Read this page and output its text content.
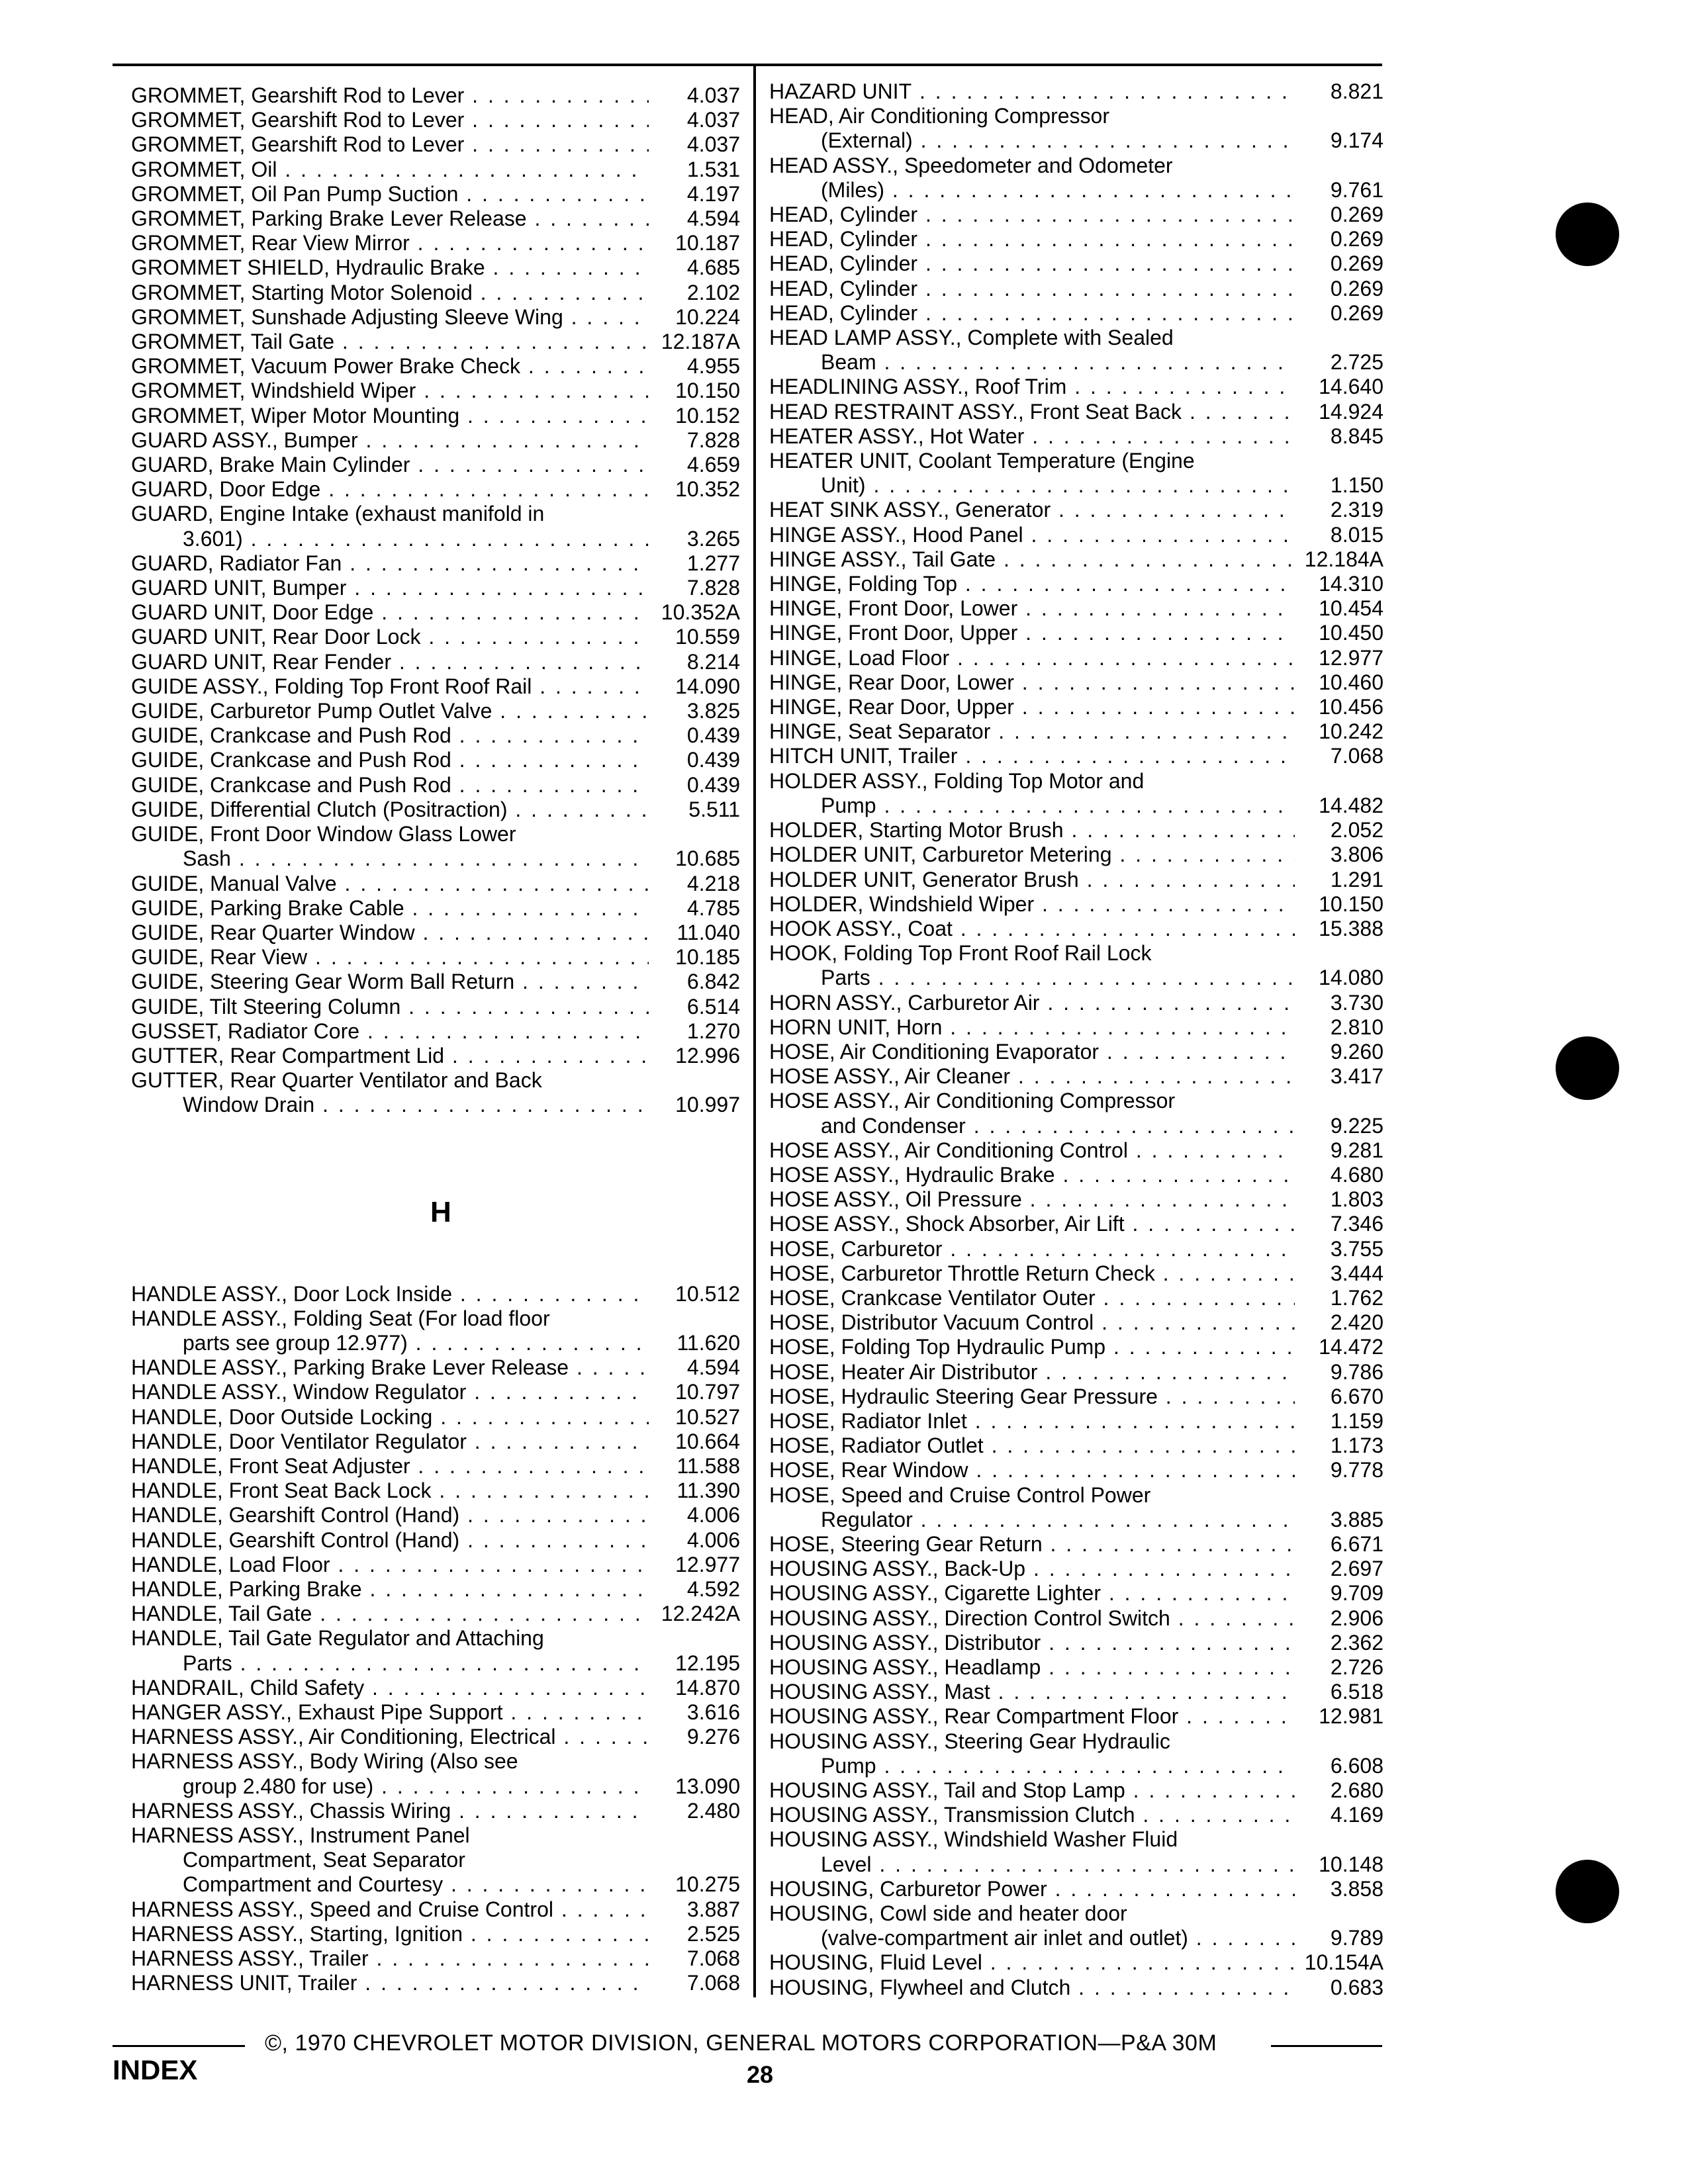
GROMMET, Gearshift Rod to Lever . . .	4.037
GROMMET, Gearshift Rod to Lever . . .	4.037
GROMMET, Gearshift Rod to Lever . . .	4.037
GROMMET, Oil . . .	1.531
GROMMET, Oil Pan Pump Suction . . .	4.197
GROMMET, Parking Brake Lever Release . . .	4.594
GROMMET, Rear View Mirror . . .	10.187
GROMMET SHIELD, Hydraulic Brake . . .	4.685
GROMMET, Starting Motor Solenoid . . .	2.102
GROMMET, Sunshade Adjusting Sleeve Wing . . .	10.224
GROMMET, Tail Gate . . .	12.187A
GROMMET, Vacuum Power Brake Check . . .	4.955
GROMMET, Windshield Wiper . . .	10.150
GROMMET, Wiper Motor Mounting . . .	10.152
GUARD ASSY., Bumper . . .	7.828
GUARD, Brake Main Cylinder . . .	4.659
GUARD, Door Edge . . .	10.352
GUARD, Engine Intake (exhaust manifold in
3.601) . . .	3.265
GUARD, Radiator Fan . . .	1.277
GUARD UNIT, Bumper . . .	7.828
GUARD UNIT, Door Edge . . .	10.352A
GUARD UNIT, Rear Door Lock . . .	10.559
GUARD UNIT, Rear Fender . . .	8.214
GUIDE ASSY., Folding Top Front Roof Rail . . .	14.090
GUIDE, Carburetor Pump Outlet Valve . . .	3.825
GUIDE, Crankcase and Push Rod . . .	0.439
GUIDE, Crankcase and Push Rod . . .	0.439
GUIDE, Crankcase and Push Rod . . .	0.439
GUIDE, Differential Clutch (Positraction) . . .	5.511
GUIDE, Front Door Window Glass Lower
Sash . . .	10.685
GUIDE, Manual Valve . . .	4.218
GUIDE, Parking Brake Cable . . .	4.785
GUIDE, Rear Quarter Window . . .	11.040
GUIDE, Rear View . . .	10.185
GUIDE, Steering Gear Worm Ball Return . . .	6.842
GUIDE, Tilt Steering Column . . .	6.514
GUSSET, Radiator Core . . .	1.270
GUTTER, Rear Compartment Lid . . .	12.996
GUTTER, Rear Quarter Ventilator and Back
Window Drain . . .	10.997
H
HANDLE ASSY., Door Lock Inside . . .	10.512
HANDLE ASSY., Folding Seat (For load floor
parts see group 12.977) . . .	11.620
HANDLE ASSY., Parking Brake Lever Release . . .	4.594
HANDLE ASSY., Window Regulator . . .	10.797
HANDLE, Door Outside Locking . . .	10.527
HANDLE, Door Ventilator Regulator . . .	10.664
HANDLE, Front Seat Adjuster . . .	11.588
HANDLE, Front Seat Back Lock . . .	11.390
HANDLE, Gearshift Control (Hand) . . .	4.006
HANDLE, Gearshift Control (Hand) . . .	4.006
HANDLE, Load Floor . . .	12.977
HANDLE, Parking Brake . . .	4.592
HANDLE, Tail Gate . . .	12.242A
HANDLE, Tail Gate Regulator and Attaching
Parts . . .	12.195
HANDRAIL, Child Safety . . .	14.870
HANGER ASSY., Exhaust Pipe Support . . .	3.616
HARNESS ASSY., Air Conditioning, Electrical . . .	9.276
HARNESS ASSY., Body Wiring (Also see
group 2.480 for use) . . .	13.090
HARNESS ASSY., Chassis Wiring . . .	2.480
HARNESS ASSY., Instrument Panel
Compartment, Seat Separator
Compartment and Courtesy . . .	10.275
HARNESS ASSY., Speed and Cruise Control . . .	3.887
HARNESS ASSY., Starting, Ignition . . .	2.525
HARNESS ASSY., Trailer . . .	7.068
HARNESS UNIT, Trailer . . .	7.068
HAZARD UNIT . . .	8.821
HEAD, Air Conditioning Compressor
(External) . . .	9.174
HEAD ASSY., Speedometer and Odometer
(Miles) . . .	9.761
HEAD, Cylinder . . .	0.269
HEAD, Cylinder . . .	0.269
HEAD, Cylinder . . .	0.269
HEAD, Cylinder . . .	0.269
HEAD, Cylinder . . .	0.269
HEAD LAMP ASSY., Complete with Sealed
Beam . . .	2.725
HEADLINING ASSY., Roof Trim . . .	14.640
HEAD RESTRAINT ASSY., Front Seat Back . . .	14.924
HEATER ASSY., Hot Water . . .	8.845
HEATER UNIT, Coolant Temperature (Engine
Unit) . . .	1.150
HEAT SINK ASSY., Generator . . .	2.319
HINGE ASSY., Hood Panel . . .	8.015
HINGE ASSY., Tail Gate . . .	12.184A
HINGE, Folding Top . . .	14.310
HINGE, Front Door, Lower . . .	10.454
HINGE, Front Door, Upper . . .	10.450
HINGE, Load Floor . . .	12.977
HINGE, Rear Door, Lower . . .	10.460
HINGE, Rear Door, Upper . . .	10.456
HINGE, Seat Separator . . .	10.242
HITCH UNIT, Trailer . . .	7.068
HOLDER ASSY., Folding Top Motor and
Pump . . .	14.482
HOLDER, Starting Motor Brush . . .	2.052
HOLDER UNIT, Carburetor Metering . . .	3.806
HOLDER UNIT, Generator Brush . . .	1.291
HOLDER, Windshield Wiper . . .	10.150
HOOK ASSY., Coat . . .	15.388
HOOK, Folding Top Front Roof Rail Lock
Parts . . .	14.080
HORN ASSY., Carburetor Air . . .	3.730
HORN UNIT, Horn . . .	2.810
HOSE, Air Conditioning Evaporator . . .	9.260
HOSE ASSY., Air Cleaner . . .	3.417
HOSE ASSY., Air Conditioning Compressor
and Condenser . . .	9.225
HOSE ASSY., Air Conditioning Control . . .	9.281
HOSE ASSY., Hydraulic Brake . . .	4.680
HOSE ASSY., Oil Pressure . . .	1.803
HOSE ASSY., Shock Absorber, Air Lift . . .	7.346
HOSE, Carburetor . . .	3.755
HOSE, Carburetor Throttle Return Check . . .	3.444
HOSE, Crankcase Ventilator Outer . . .	1.762
HOSE, Distributor Vacuum Control . . .	2.420
HOSE, Folding Top Hydraulic Pump . . .	14.472
HOSE, Heater Air Distributor . . .	9.786
HOSE, Hydraulic Steering Gear Pressure . . .	6.670
HOSE, Radiator Inlet . . .	1.159
HOSE, Radiator Outlet . . .	1.173
HOSE, Rear Window . . .	9.778
HOSE, Speed and Cruise Control Power
Regulator . . .	3.885
HOSE, Steering Gear Return . . .	6.671
HOUSING ASSY., Back-Up . . .	2.697
HOUSING ASSY., Cigarette Lighter . . .	9.709
HOUSING ASSY., Direction Control Switch . . .	2.906
HOUSING ASSY., Distributor . . .	2.362
HOUSING ASSY., Headlamp . . .	2.726
HOUSING ASSY., Mast . . .	6.518
HOUSING ASSY., Rear Compartment Floor . . .	12.981
HOUSING ASSY., Steering Gear Hydraulic
Pump . . .	6.608
HOUSING ASSY., Tail and Stop Lamp . . .	2.680
HOUSING ASSY., Transmission Clutch . . .	4.169
HOUSING ASSY., Windshield Washer Fluid
Level . . .	10.148
HOUSING, Carburetor Power . . .	3.858
HOUSING, Cowl side and heater door
(valve-compartment air inlet and outlet) . . .	9.789
HOUSING, Fluid Level . . .	10.154A
HOUSING, Flywheel and Clutch . . .	0.683
©, 1970 CHEVROLET MOTOR DIVISION, GENERAL MOTORS CORPORATION—P&A 30M
INDEX	28
